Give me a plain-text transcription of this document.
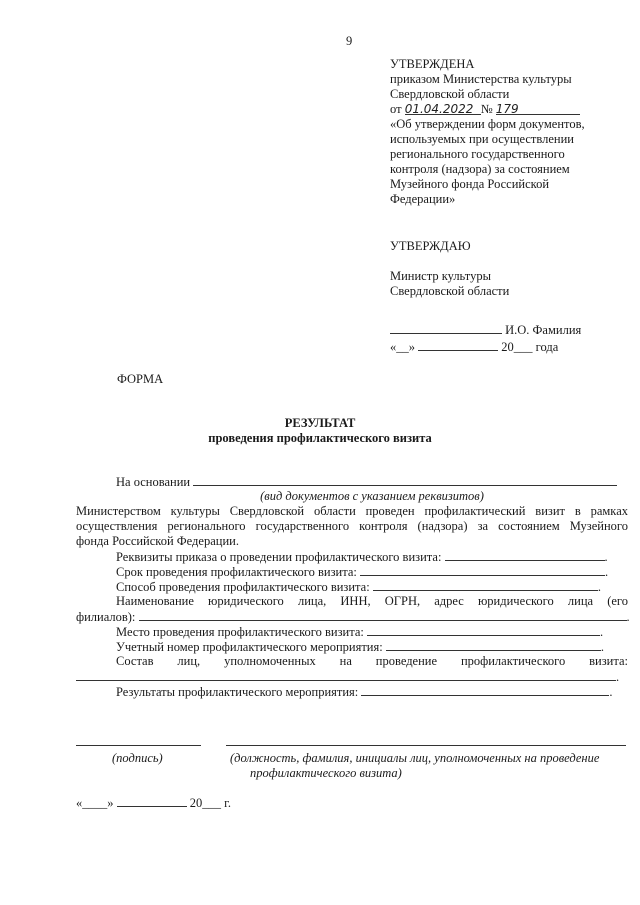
9
УТВЕРЖДЕНА
приказом Министерства культуры
Свердловской области
от 01.04.2022 № 179
«Об утверждении форм документов,
используемых при осуществлении
регионального государственного
контроля (надзора) за состоянием
Музейного фонда Российской
Федерации»
УТВЕРЖДАЮ
Министр культуры
Свердловской области
И.О. Фамилия
«__»	20___ года
ФОРМА
РЕЗУЛЬТАТ
проведения профилактического визита
На основании
(вид документов с указанием реквизитов)
Министерством культуры Свердловской области проведен профилактический визит в рамках
осуществления регионального государственного контроля (надзора) за состоянием Музейного
фонда Российской Федерации.
Реквизиты приказа о проведении профилактического визита:	.
Срок проведения профилактического визита:	.
Способ проведения профилактического визита:	.
Наименование юридического лица, ИНН, ОГРН, адрес юридического лица (его
филиалов):	.
Место проведения профилактического визита:	.
Учетный номер профилактического мероприятия:	.
Состав лиц, уполномоченных на проведение профилактического визита:
.
Результаты профилактического мероприятия:	.
(подпись)	(должность, фамилия, инициалы лиц, уполномоченных на проведение
профилактического визита)
«____»	20___ г.
